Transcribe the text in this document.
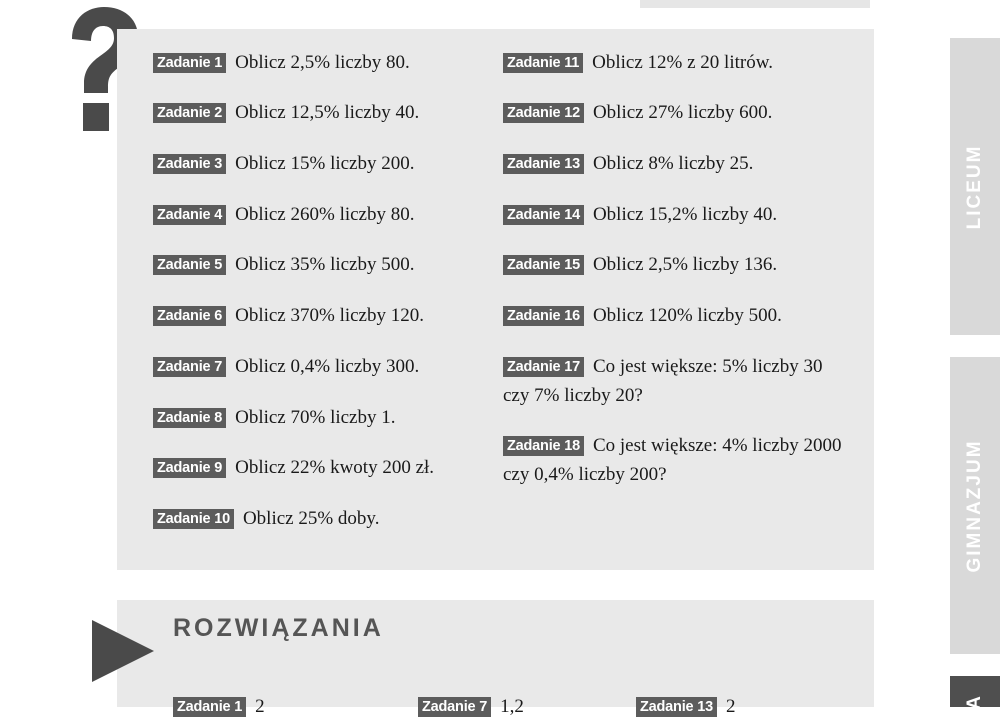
Zadanie 1 Oblicz 2,5% liczby 80.
Zadanie 2 Oblicz 12,5% liczby 40.
Zadanie 3 Oblicz 15% liczby 200.
Zadanie 4 Oblicz 260% liczby 80.
Zadanie 5 Oblicz 35% liczby 500.
Zadanie 6 Oblicz 370% liczby 120.
Zadanie 7 Oblicz 0,4% liczby 300.
Zadanie 8 Oblicz 70% liczby 1.
Zadanie 9 Oblicz 22% kwoty 200 zł.
Zadanie 10 Oblicz 25% doby.
Zadanie 11 Oblicz 12% z 20 litrów.
Zadanie 12 Oblicz 27% liczby 600.
Zadanie 13 Oblicz 8% liczby 25.
Zadanie 14 Oblicz 15,2% liczby 40.
Zadanie 15 Oblicz 2,5% liczby 136.
Zadanie 16 Oblicz 120% liczby 500.
Zadanie 17 Co jest większe: 5% liczby 30 czy 7% liczby 20?
Zadanie 18 Co jest większe: 4% liczby 2000 czy 0,4% liczby 200?
LICEUM
GIMNAZJUM
A
ROZWIĄZANIA
Zadanie 1 2	Zadanie 7 1,2	Zadanie 13 2
